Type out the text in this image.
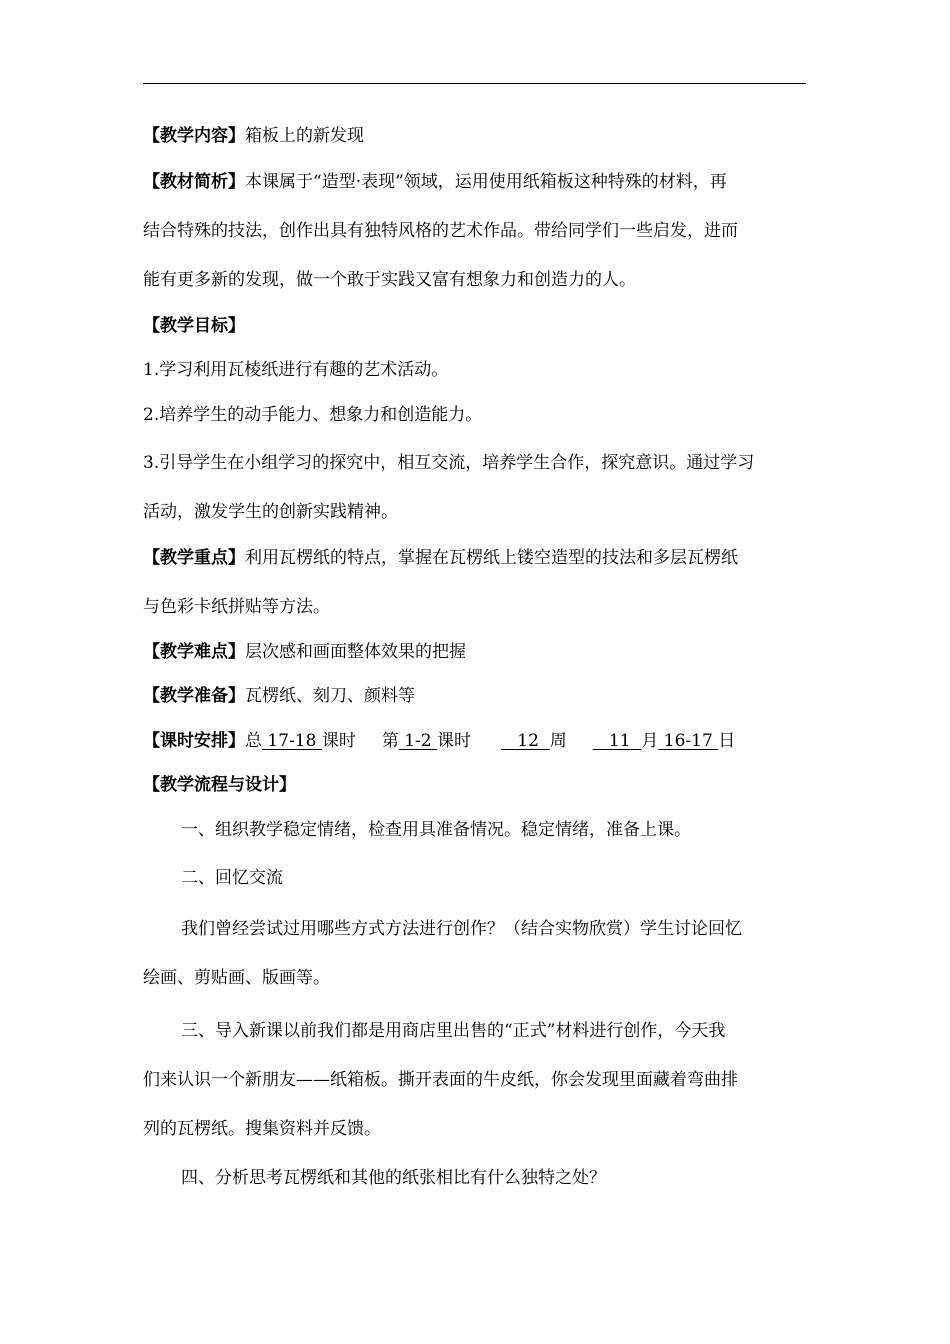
【教学内容】箱板上的新发现
【教材简析】本课属于“造型·表现”领域，运用使用纸箱板这种特殊的材料，再
结合特殊的技法，创作出具有独特风格的艺术作品。带给同学们一些启发，进而
能有更多新的发现，做一个敢于实践又富有想象力和创造力的人。
【教学目标】
1.学习利用瓦棱纸进行有趣的艺术活动。
2.培养学生的动手能力、想象力和创造能力。
3.引导学生在小组学习的探究中，相互交流，培养学生合作，探究意识。通过学习
活动，激发学生的创新实践精神。
【教学重点】利用瓦楞纸的特点，掌握在瓦楞纸上镂空造型的技法和多层瓦楞纸
与色彩卡纸拼贴等方法。
【教学难点】层次感和画面整体效果的把握
【教学准备】瓦楞纸、刻刀、颜料等
【课时安排】总 17-18 课时 第 1-2 课时	12 周 11 月 16-17 日
【教学流程与设计】
一、组织教学稳定情绪，检查用具准备情况。稳定情绪，准备上课。
二、回忆交流
我们曾经尝试过用哪些方式方法进行创作？（结合实物欣赏）学生讨论回忆
绘画、剪贴画、版画等。
三、导入新课以前我们都是用商店里出售的“正式”材料进行创作，今天我
们来认识一个新朋友——纸箱板。撕开表面的牛皮纸，你会发现里面藏着弯曲排
列的瓦楞纸。搜集资料并反馈。
四、分析思考瓦楞纸和其他的纸张相比有什么独特之处？
